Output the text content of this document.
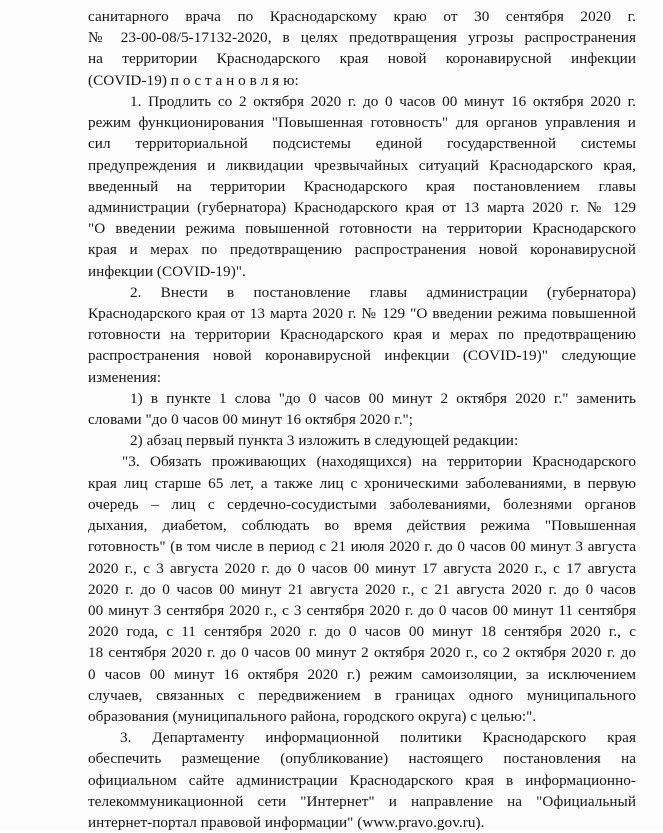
санитарного врача по Краснодарскому краю от 30 сентября 2020 г.
№ 23-00-08/5-17132-2020, в целях предотвращения угрозы распространения
на территории Краснодарского края новой коронавирусной инфекции
(COVID-19) п о с т а н о в л я ю:
1. Продлить со 2 октября 2020 г. до 0 часов 00 минут 16 октября 2020 г.
режим функционирования "Повышенная готовность" для органов управления и
сил территориальной подсистемы единой государственной системы
предупреждения и ликвидации чрезвычайных ситуаций Краснодарского края,
введенный на территории Краснодарского края постановлением главы
администрации (губернатора) Краснодарского края от 13 марта 2020 г. № 129
"О введении режима повышенной готовности на территории Краснодарского
края и мерах по предотвращению распространения новой коронавирусной
инфекции (COVID-19)".
2. Внести в постановление главы администрации (губернатора)
Краснодарского края от 13 марта 2020 г. № 129 "О введении режима повышенной
готовности на территории Краснодарского края и мерах по предотвращению
распространения новой коронавирусной инфекции (COVID-19)" следующие
изменения:
1) в пункте 1 слова "до 0 часов 00 минут 2 октября 2020 г." заменить
словами "до 0 часов 00 минут 16 октября 2020 г.";
2) абзац первый пункта 3 изложить в следующей редакции:
"3. Обязать проживающих (находящихся) на территории Краснодарского
края лиц старше 65 лет, а также лиц с хроническими заболеваниями, в первую
очередь – лиц с сердечно-сосудистыми заболеваниями, болезнями органов
дыхания, диабетом, соблюдать во время действия режима "Повышенная
готовность" (в том числе в период с 21 июля 2020 г. до 0 часов 00 минут 3 августа
2020 г., с 3 августа 2020 г. до 0 часов 00 минут 17 августа 2020 г., с 17 августа
2020 г. до 0 часов 00 минут 21 августа 2020 г., с 21 августа 2020 г. до 0 часов
00 минут 3 сентября 2020 г., с 3 сентября 2020 г. до 0 часов 00 минут 11 сентября
2020 года, с 11 сентября 2020 г. до 0 часов 00 минут 18 сентября 2020 г., с
18 сентября 2020 г. до 0 часов 00 минут 2 октября 2020 г., со 2 октября 2020 г. до
0 часов 00 минут 16 октября 2020 г.) режим самоизоляции, за исключением
случаев, связанных с передвижением в границах одного муниципального
образования (муниципального района, городского округа) с целью:".
3. Департаменту информационной политики Краснодарского края
обеспечить размещение (опубликование) настоящего постановления на
официальном сайте администрации Краснодарского края в информационно-
телекоммуникационной сети "Интернет" и направление на "Официальный
интернет-портал правовой информации" (www.pravo.gov.ru).
